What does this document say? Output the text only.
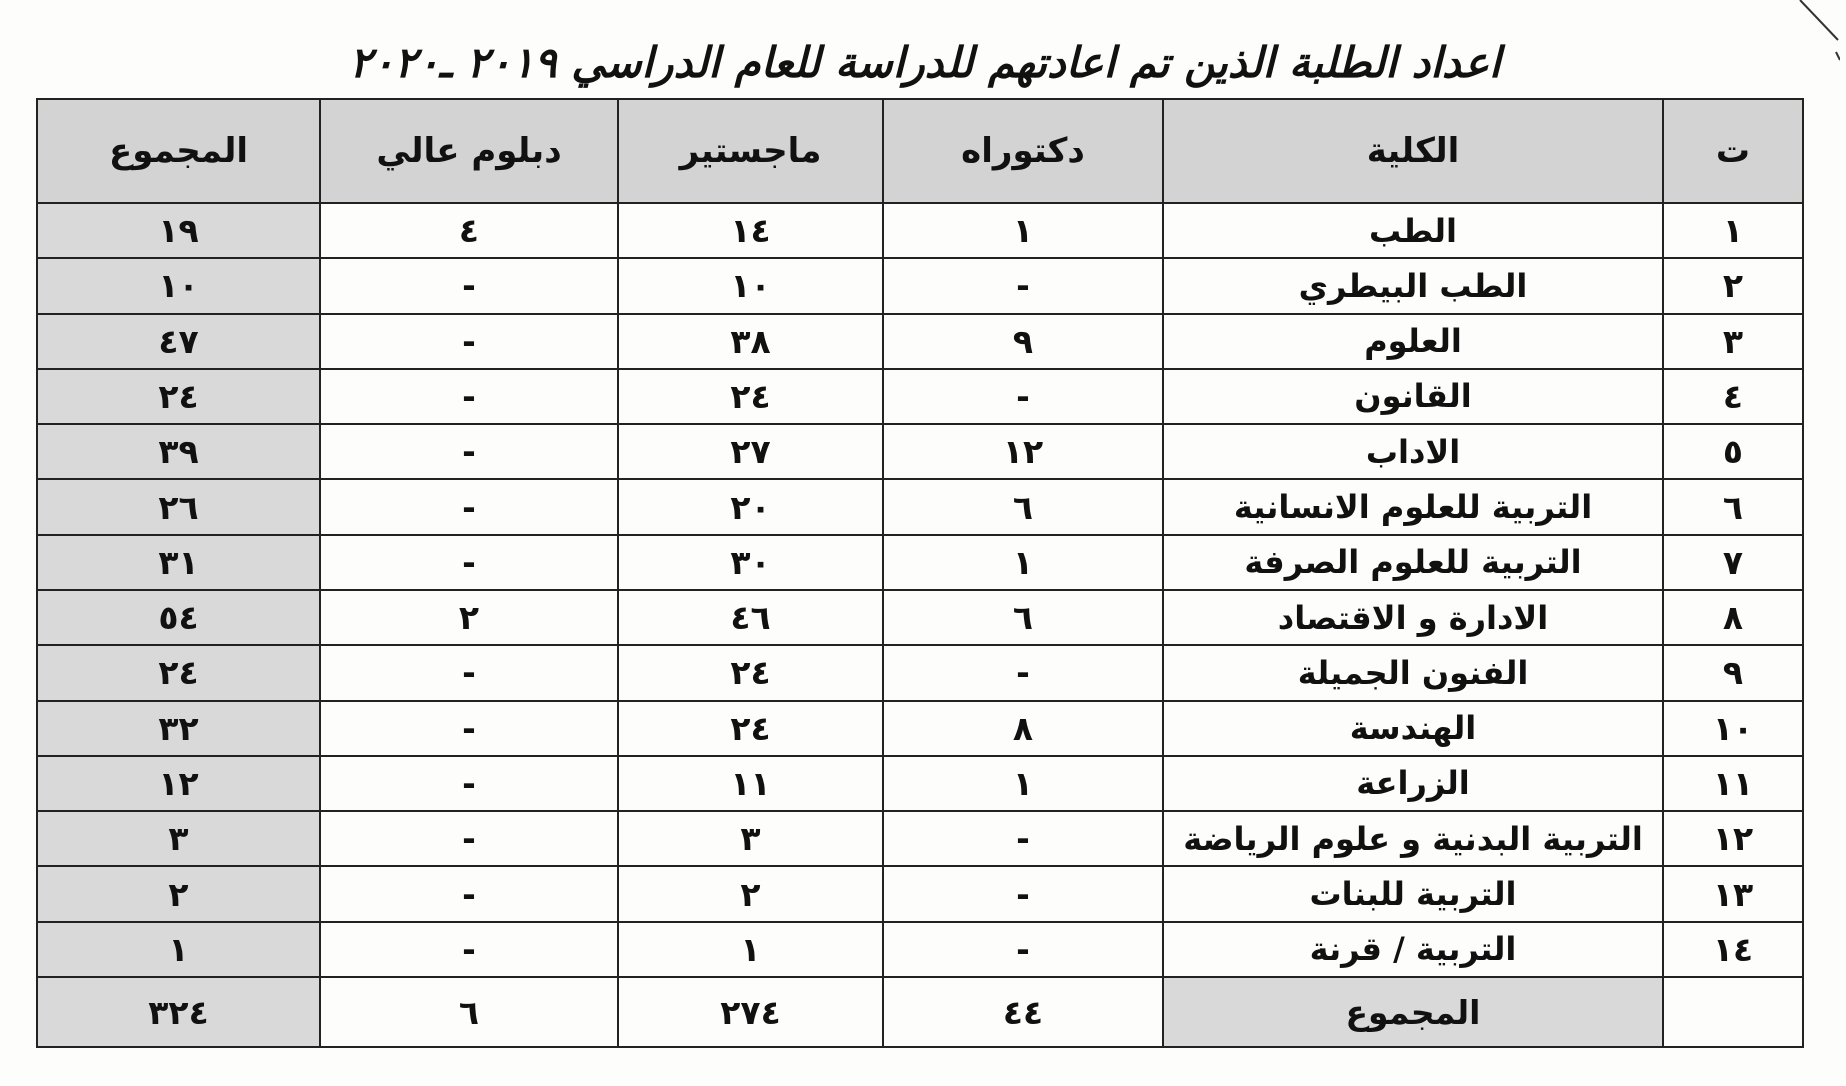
اعداد الطلبة الذين تم اعادتهم للدراسة للعام الدراسي ٢٠١٩ ـ٢٠٢٠
ت	الكلية	دكتوراه	ماجستير	دبلوم عالي	المجموع
١	الطب	١	١٤	٤	١٩
٢	الطب البيطري	-	١٠	-	١٠
٣	العلوم	٩	٣٨	-	٤٧
٤	القانون	-	٢٤	-	٢٤
٥	الاداب	١٢	٢٧	-	٣٩
٦	التربية للعلوم الانسانية	٦	٢٠	-	٢٦
٧	التربية للعلوم الصرفة	١	٣٠	-	٣١
٨	الادارة و الاقتصاد	٦	٤٦	٢	٥٤
٩	الفنون الجميلة	-	٢٤	-	٢٤
١٠	الهندسة	٨	٢٤	-	٣٢
١١	الزراعة	١	١١	-	١٢
١٢	التربية البدنية و علوم الرياضة	-	٣	-	٣
١٣	التربية للبنات	-	٢	-	٢
١٤	التربية / قرنة	-	١	-	١
	المجموع	٤٤	٢٧٤	٦	٣٢٤
